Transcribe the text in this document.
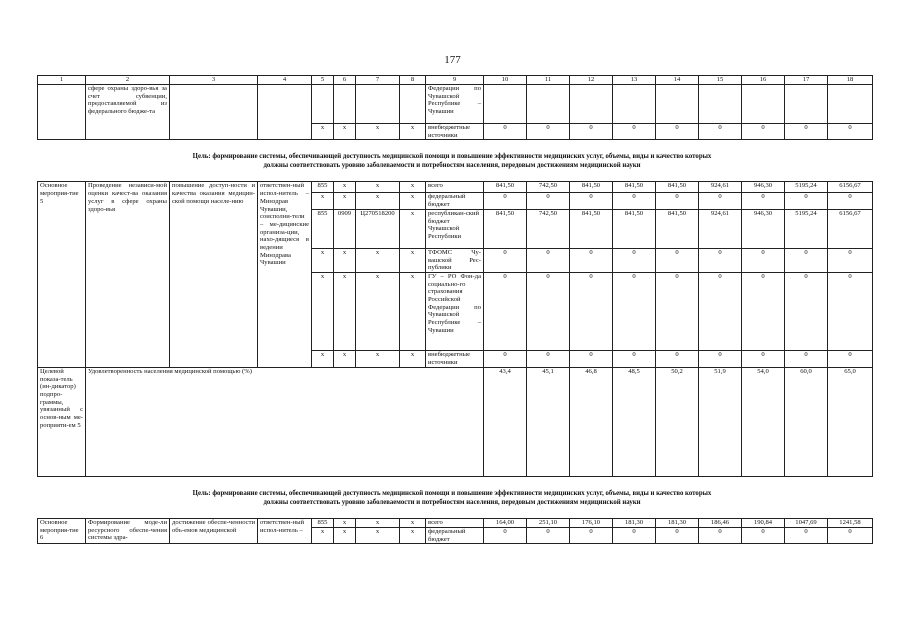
177
1	2	3	4	5	6	7	8	9	10	11	12	13	14	15	16	17	18
	сфере охраны здоро-вья за счет субвенции, предоставляемой из федерального бюдже-та							Федерации по Чувашской Республике – Чувашии									
				x	x	x	x	внебюджетные источники	0	0	0	0	0	0	0	0	0
Цель: формирование системы, обеспечивающей доступность медицинской помощи и повышение эффективности медицинских услуг, объемы, виды и качество которых
должны соответствовать уровню заболеваемости и потребностям населения, передовым достижениям медицинской науки
Основное мероприя-тие 5	Проведение независи-мой оценки качест-ва оказания услуг в сфере охраны здоро-вья	повышение доступ-ности и качества оказания медицин-ской помощи населе-нию	ответствен-ный испол-нитель – Минздрав Чувашии, соисполни-тели – ме-дицинские организа-ции, нахо-дящиеся в ведении Минздрава Чувашии	855	x	x	x	всего	841,50	742,50	841,50	841,50	841,50	924,61	946,30	5195,24	6156,67
				x	x	x	x	федеральный бюджет	0	0	0	0	0	0	0	0	0
				855	0909	Ц270518200	x	республикан-ский бюджет Чувашской Республики	841,50	742,50	841,50	841,50	841,50	924,61	946,30	5195,24	6156,67
				x	x	x	x	ТФОМС Чу-вашской Рес-публики	0	0	0	0	0	0	0	0	0
				x	x	x	x	ГУ – РО Фон-да социально-го страхования Российской Федерации по Чувашской Республике – Чувашии	0	0	0	0	0	0	0	0	0
				x	x	x	x	внебюджетные источники	0	0	0	0	0	0	0	0	0
Целевой показа-тель (ин-дикатор) подпро-граммы, увязанный с основ-ным ме-роприяти-ем 5	Удовлетворенность населения медицинской помощью (%)								43,4	45,1	46,8	48,5	50,2	51,9	54,0	60,0	65,0
Цель: формирование системы, обеспечивающей доступность медицинской помощи и повышение эффективности медицинских услуг, объемы, виды и качество которых
должны соответствовать уровню заболеваемости и потребностям населения, передовым достижениям медицинской науки
Основное мероприя-тие 6	Формирование моде-ли ресурсного обеспе-чения системы здра-	достижение обеспе-ченности объ-емов медицинской	ответствен-ный испол-нитель –	855	x	x	x	всего	164,00	251,10	176,10	181,30	181,30	186,46	190,84	1047,69	1241,58
				x	x	x	x	федеральный бюджет	0	0	0	0	0	0	0	0	0
